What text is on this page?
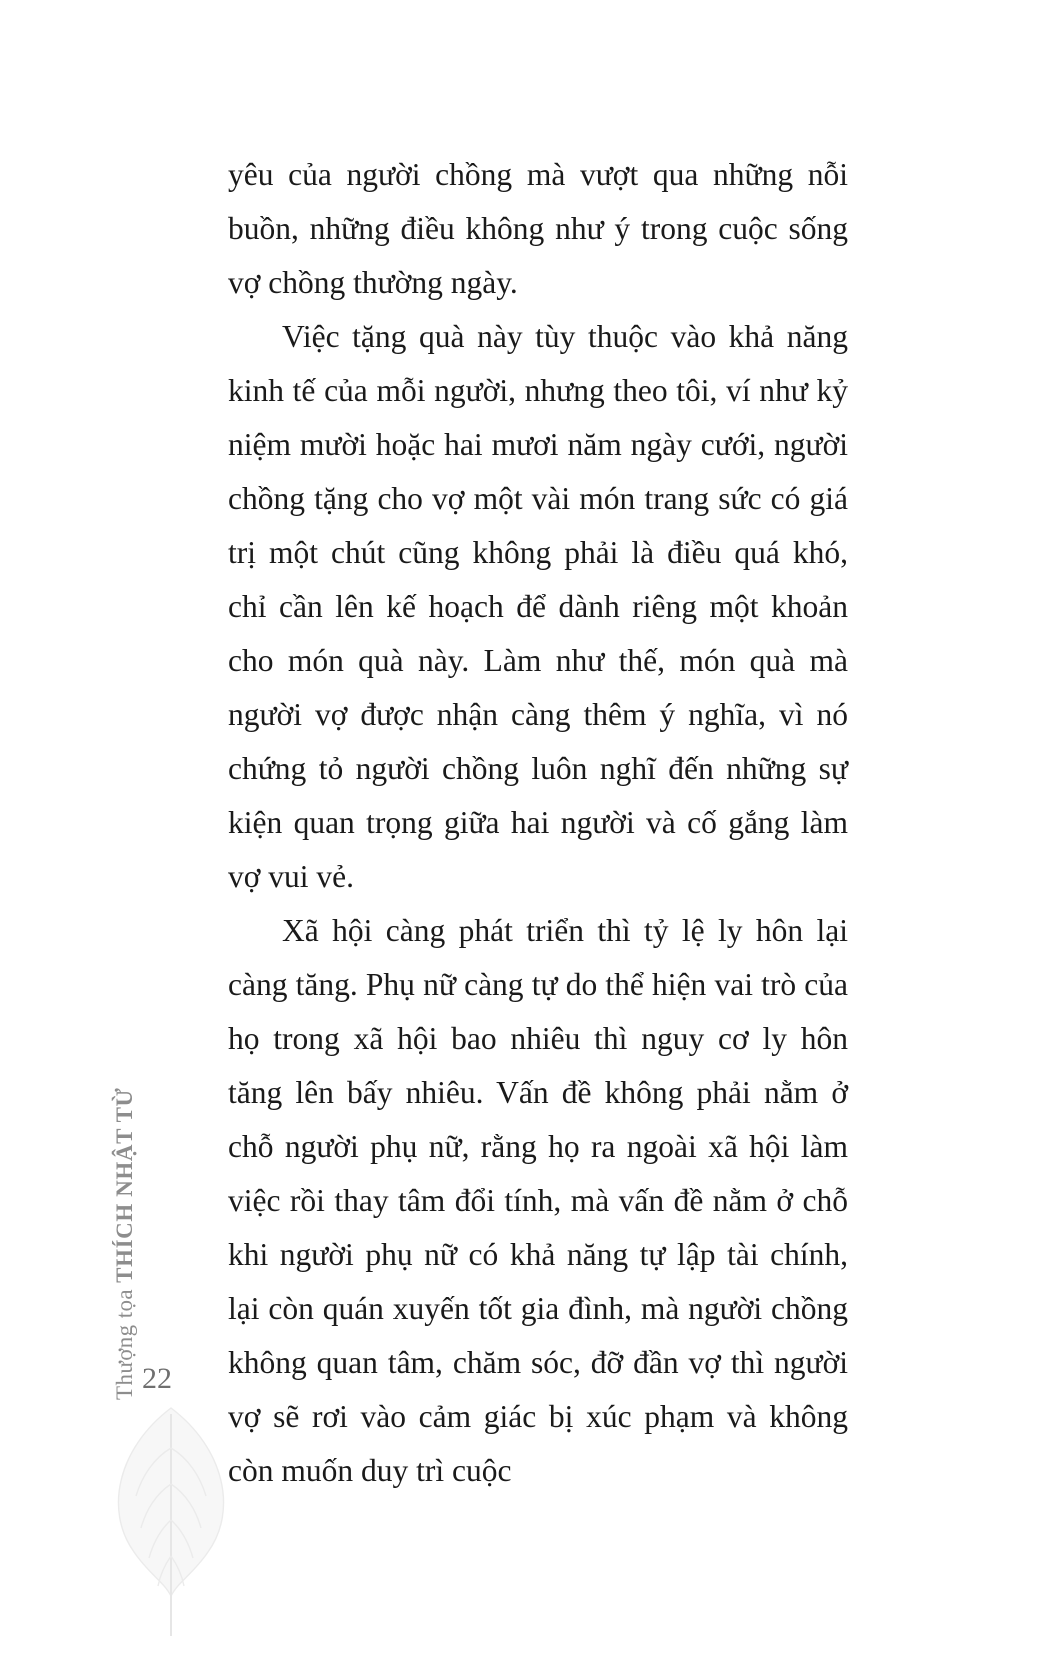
Thượng tọa THÍCH NHẬT TỪ
22

yêu của người chồng mà vượt qua những nỗi buồn, những điều không như ý trong cuộc sống vợ chồng thường ngày.

Việc tặng quà này tùy thuộc vào khả năng kinh tế của mỗi người, nhưng theo tôi, ví như kỷ niệm mười hoặc hai mươi năm ngày cưới, người chồng tặng cho vợ một vài món trang sức có giá trị một chút cũng không phải là điều quá khó, chỉ cần lên kế hoạch để dành riêng một khoản cho món quà này. Làm như thế, món quà mà người vợ được nhận càng thêm ý nghĩa, vì nó chứng tỏ người chồng luôn nghĩ đến những sự kiện quan trọng giữa hai người và cố gắng làm vợ vui vẻ.

Xã hội càng phát triển thì tỷ lệ ly hôn lại càng tăng. Phụ nữ càng tự do thể hiện vai trò của họ trong xã hội bao nhiêu thì nguy cơ ly hôn tăng lên bấy nhiêu. Vấn đề không phải nằm ở chỗ người phụ nữ, rằng họ ra ngoài xã hội làm việc rồi thay tâm đổi tính, mà vấn đề nằm ở chỗ khi người phụ nữ có khả năng tự lập tài chính, lại còn quán xuyến tốt gia đình, mà người chồng không quan tâm, chăm sóc, đỡ đần vợ thì người vợ sẽ rơi vào cảm giác bị xúc phạm và không còn muốn duy trì cuộc
